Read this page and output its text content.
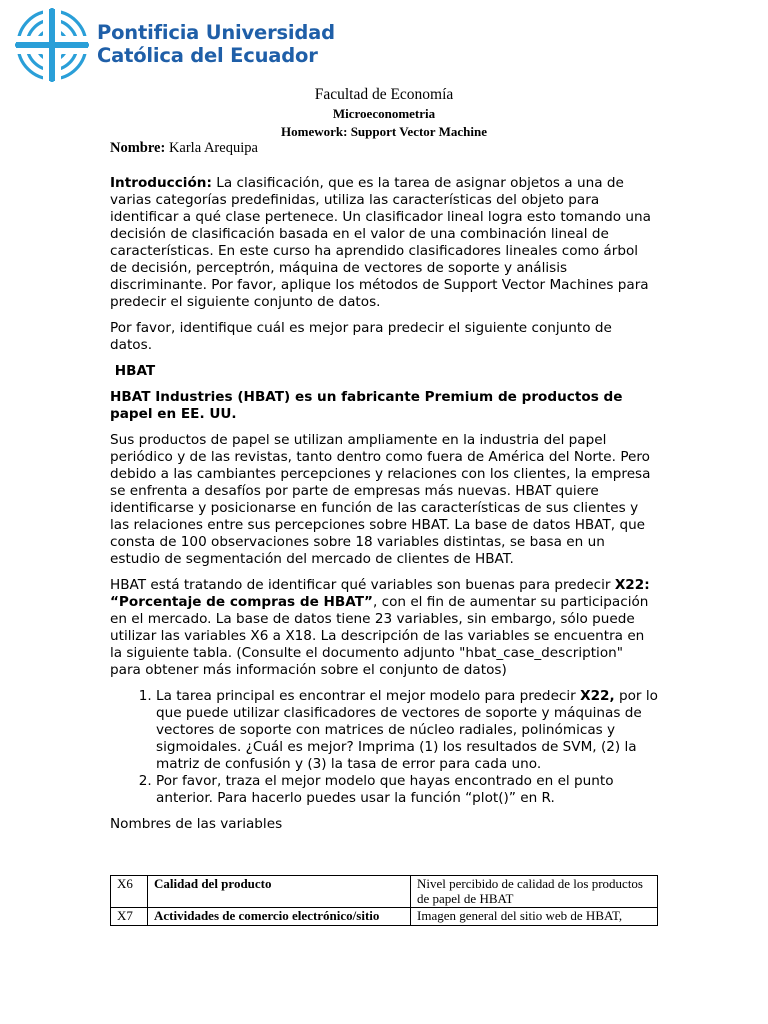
Pontificia Universidad
Católica del Ecuador
Facultad de Economía
Microeconometria
Homework: Support Vector Machine
Nombre: Karla Arequipa

Introducción: La clasificación, que es la tarea de asignar objetos a una de varias categorías predefinidas, utiliza las características del objeto para identificar a qué clase pertenece. Un clasificador lineal logra esto tomando una decisión de clasificación basada en el valor de una combinación lineal de características. En este curso ha aprendido clasificadores lineales como árbol de decisión, perceptrón, máquina de vectores de soporte y análisis discriminante. Por favor, aplique los métodos de Support Vector Machines para predecir el siguiente conjunto de datos.

Por favor, identifique cuál es mejor para predecir el siguiente conjunto de datos.

HBAT

HBAT Industries (HBAT) es un fabricante Premium de productos de papel en EE. UU.

Sus productos de papel se utilizan ampliamente en la industria del papel periódico y de las revistas, tanto dentro como fuera de América del Norte. Pero debido a las cambiantes percepciones y relaciones con los clientes, la empresa se enfrenta a desafíos por parte de empresas más nuevas. HBAT quiere identificarse y posicionarse en función de las características de sus clientes y las relaciones entre sus percepciones sobre HBAT. La base de datos HBAT, que consta de 100 observaciones sobre 18 variables distintas, se basa en un estudio de segmentación del mercado de clientes de HBAT.

HBAT está tratando de identificar qué variables son buenas para predecir X22: “Porcentaje de compras de HBAT”, con el fin de aumentar su participación en el mercado. La base de datos tiene 23 variables, sin embargo, sólo puede utilizar las variables X6 a X18. La descripción de las variables se encuentra en la siguiente tabla. (Consulte el documento adjunto "hbat_case_description" para obtener más información sobre el conjunto de datos)

1. La tarea principal es encontrar el mejor modelo para predecir X22, por lo que puede utilizar clasificadores de vectores de soporte y máquinas de vectores de soporte con matrices de núcleo radiales, polinómicas y sigmoidales. ¿Cuál es mejor? Imprima (1) los resultados de SVM, (2) la matriz de confusión y (3) la tasa de error para cada uno.
2. Por favor, traza el mejor modelo que hayas encontrado en el punto anterior. Para hacerlo puedes usar la función “plot()” en R.

Nombres de las variables

X6	Calidad del producto	Nivel percibido de calidad de los productos de papel de HBAT
X7	Actividades de comercio electrónico/sitio	Imagen general del sitio web de HBAT,
